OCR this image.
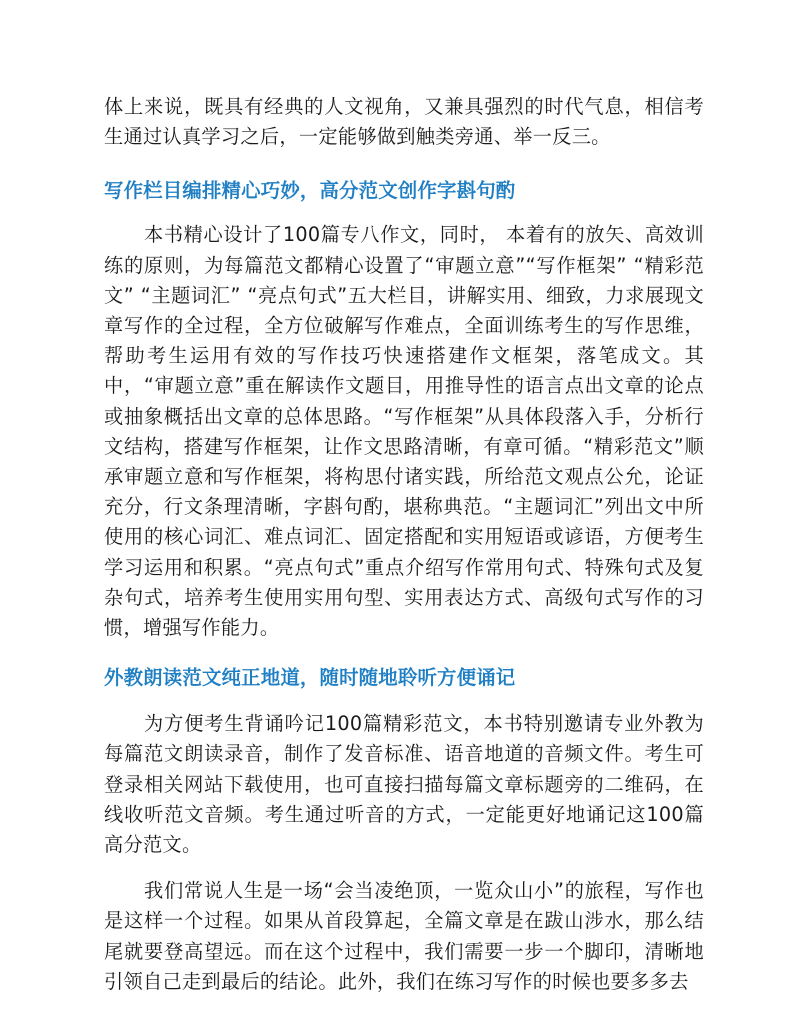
体上来说，既具有经典的人文视角，又兼具强烈的时代气息，相信考生通过认真学习之后，一定能够做到触类旁通、举一反三。

写作栏目编排精心巧妙，高分范文创作字斟句酌

本书精心设计了100篇专八作文，同时， 本着有的放矢、高效训练的原则，为每篇范文都精心设置了“审题立意”“写作框架” “精彩范文” “主题词汇” “亮点句式”五大栏目，讲解实用、细致，力求展现文章写作的全过程，全方位破解写作难点，全面训练考生的写作思维，帮助考生运用有效的写作技巧快速搭建作文框架，落笔成文。其中，“审题立意”重在解读作文题目，用推导性的语言点出文章的论点或抽象概括出文章的总体思路。“写作框架”从具体段落入手，分析行文结构，搭建写作框架，让作文思路清晰，有章可循。“精彩范文”顺承审题立意和写作框架，将构思付诸实践，所给范文观点公允，论证充分，行文条理清晰，字斟句酌，堪称典范。“主题词汇”列出文中所使用的核心词汇、难点词汇、固定搭配和实用短语或谚语，方便考生学习运用和积累。“亮点句式”重点介绍写作常用句式、特殊句式及复杂句式，培养考生使用实用句型、实用表达方式、高级句式写作的习惯，增强写作能力。

外教朗读范文纯正地道，随时随地聆听方便诵记

为方便考生背诵吟记100篇精彩范文，本书特别邀请专业外教为每篇范文朗读录音，制作了发音标准、语音地道的音频文件。考生可登录相关网站下载使用，也可直接扫描每篇文章标题旁的二维码，在线收听范文音频。考生通过听音的方式，一定能更好地诵记这100篇高分范文。

我们常说人生是一场“会当凌绝顶，一览众山小”的旅程，写作也是这样一个过程。如果从首段算起，全篇文章是在跋山涉水，那么结尾就要登高望远。而在这个过程中，我们需要一步一个脚印，清晰地引领自己走到最后的结论。此外，我们在练习写作的时候也要多多去
